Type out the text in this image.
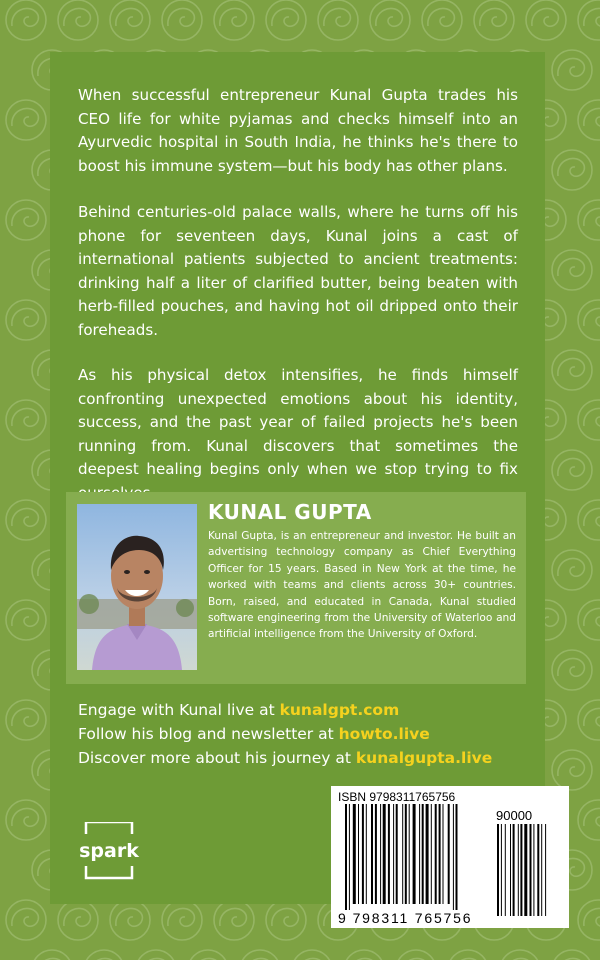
When successful entrepreneur Kunal Gupta trades his CEO life for white pyjamas and checks himself into an Ayurvedic hospital in South India, he thinks he's there to boost his immune system—but his body has other plans.

Behind centuries-old palace walls, where he turns off his phone for seventeen days, Kunal joins a cast of international patients subjected to ancient treatments: drinking half a liter of clarified butter, being beaten with herb-filled pouches, and having hot oil dripped onto their foreheads.

As his physical detox intensifies, he finds himself confronting unexpected emotions about his identity, success, and the past year of failed projects he's been running from. Kunal discovers that sometimes the deepest healing begins only when we stop trying to fix

KUNAL GUPTA

Kunal Gupta, is an entrepreneur and investor. He built an advertising technology company as Chief Everything Officer for 15 years. Based in New York at the time, he worked with teams and clients across 30+ countries. Born, raised, and educated in Canada, Kunal studied software engineering from the University of Waterloo and artificial intelligence from the University of Oxford.

Engage with Kunal live at kunalgpt.com
Follow his blog and newsletter at howto.live
Discover more about his journey at kunalgupta.live
spark
ISBN 9798311765756
90000
9 798311 765756
